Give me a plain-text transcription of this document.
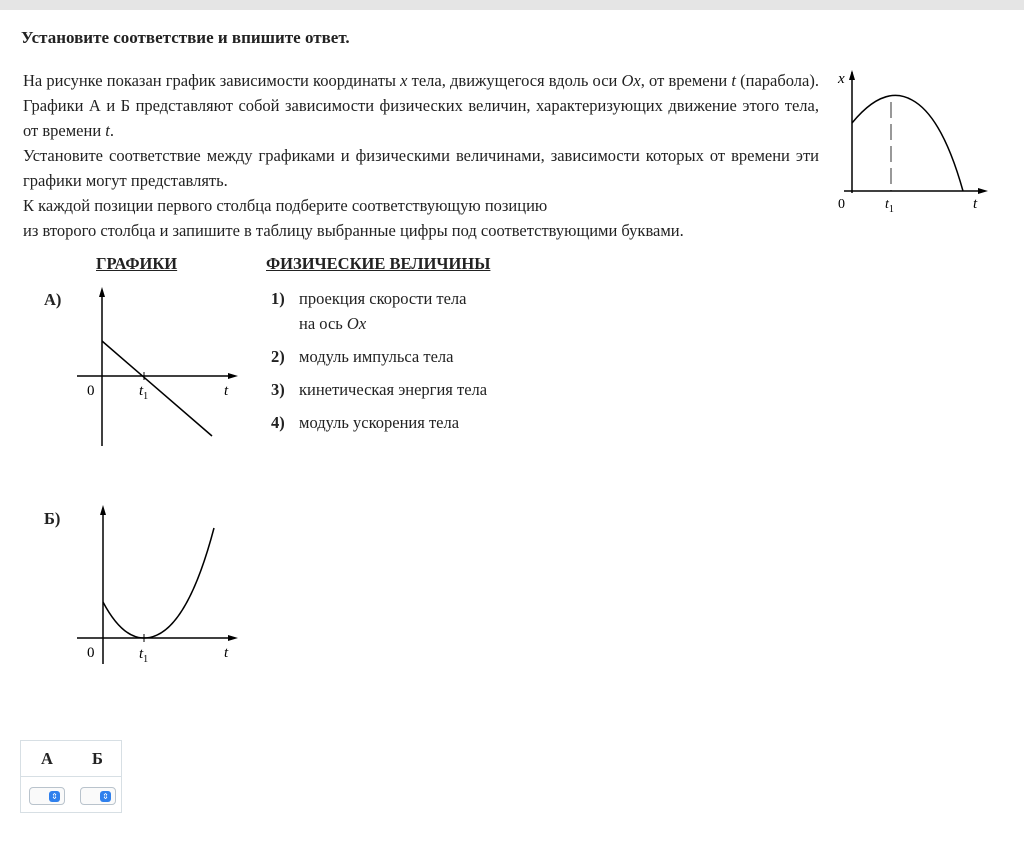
Установите соответствие и впишите ответ.

На рисунке показан график зависимости координаты x тела, движущегося вдоль оси Ox, от времени t (парабола). Графики А и Б представляют собой зависимости физических величин, характеризующих движение этого тела, от времени t.

Установите соответствие между графиками и физическими величинами, зависимости которых от времени эти графики могут представлять.

К каждой позиции первого столбца подберите соответствующую позицию

из второго столбца и запишите в таблицу выбранные цифры под соответствующими буквами.

x
0	$t_1$	t
ГРАФИКИ	ФИЗИЧЕСКИЕ ВЕЛИЧИНЫ
А)
Б)
0	$t_1$	t
0	$t_1$	t
1) проекция скорости тела
на ось Ox
2) модуль импульса тела
3) кинетическая энергия тела
4) модуль ускорения тела
А Б
⇕	⇕
